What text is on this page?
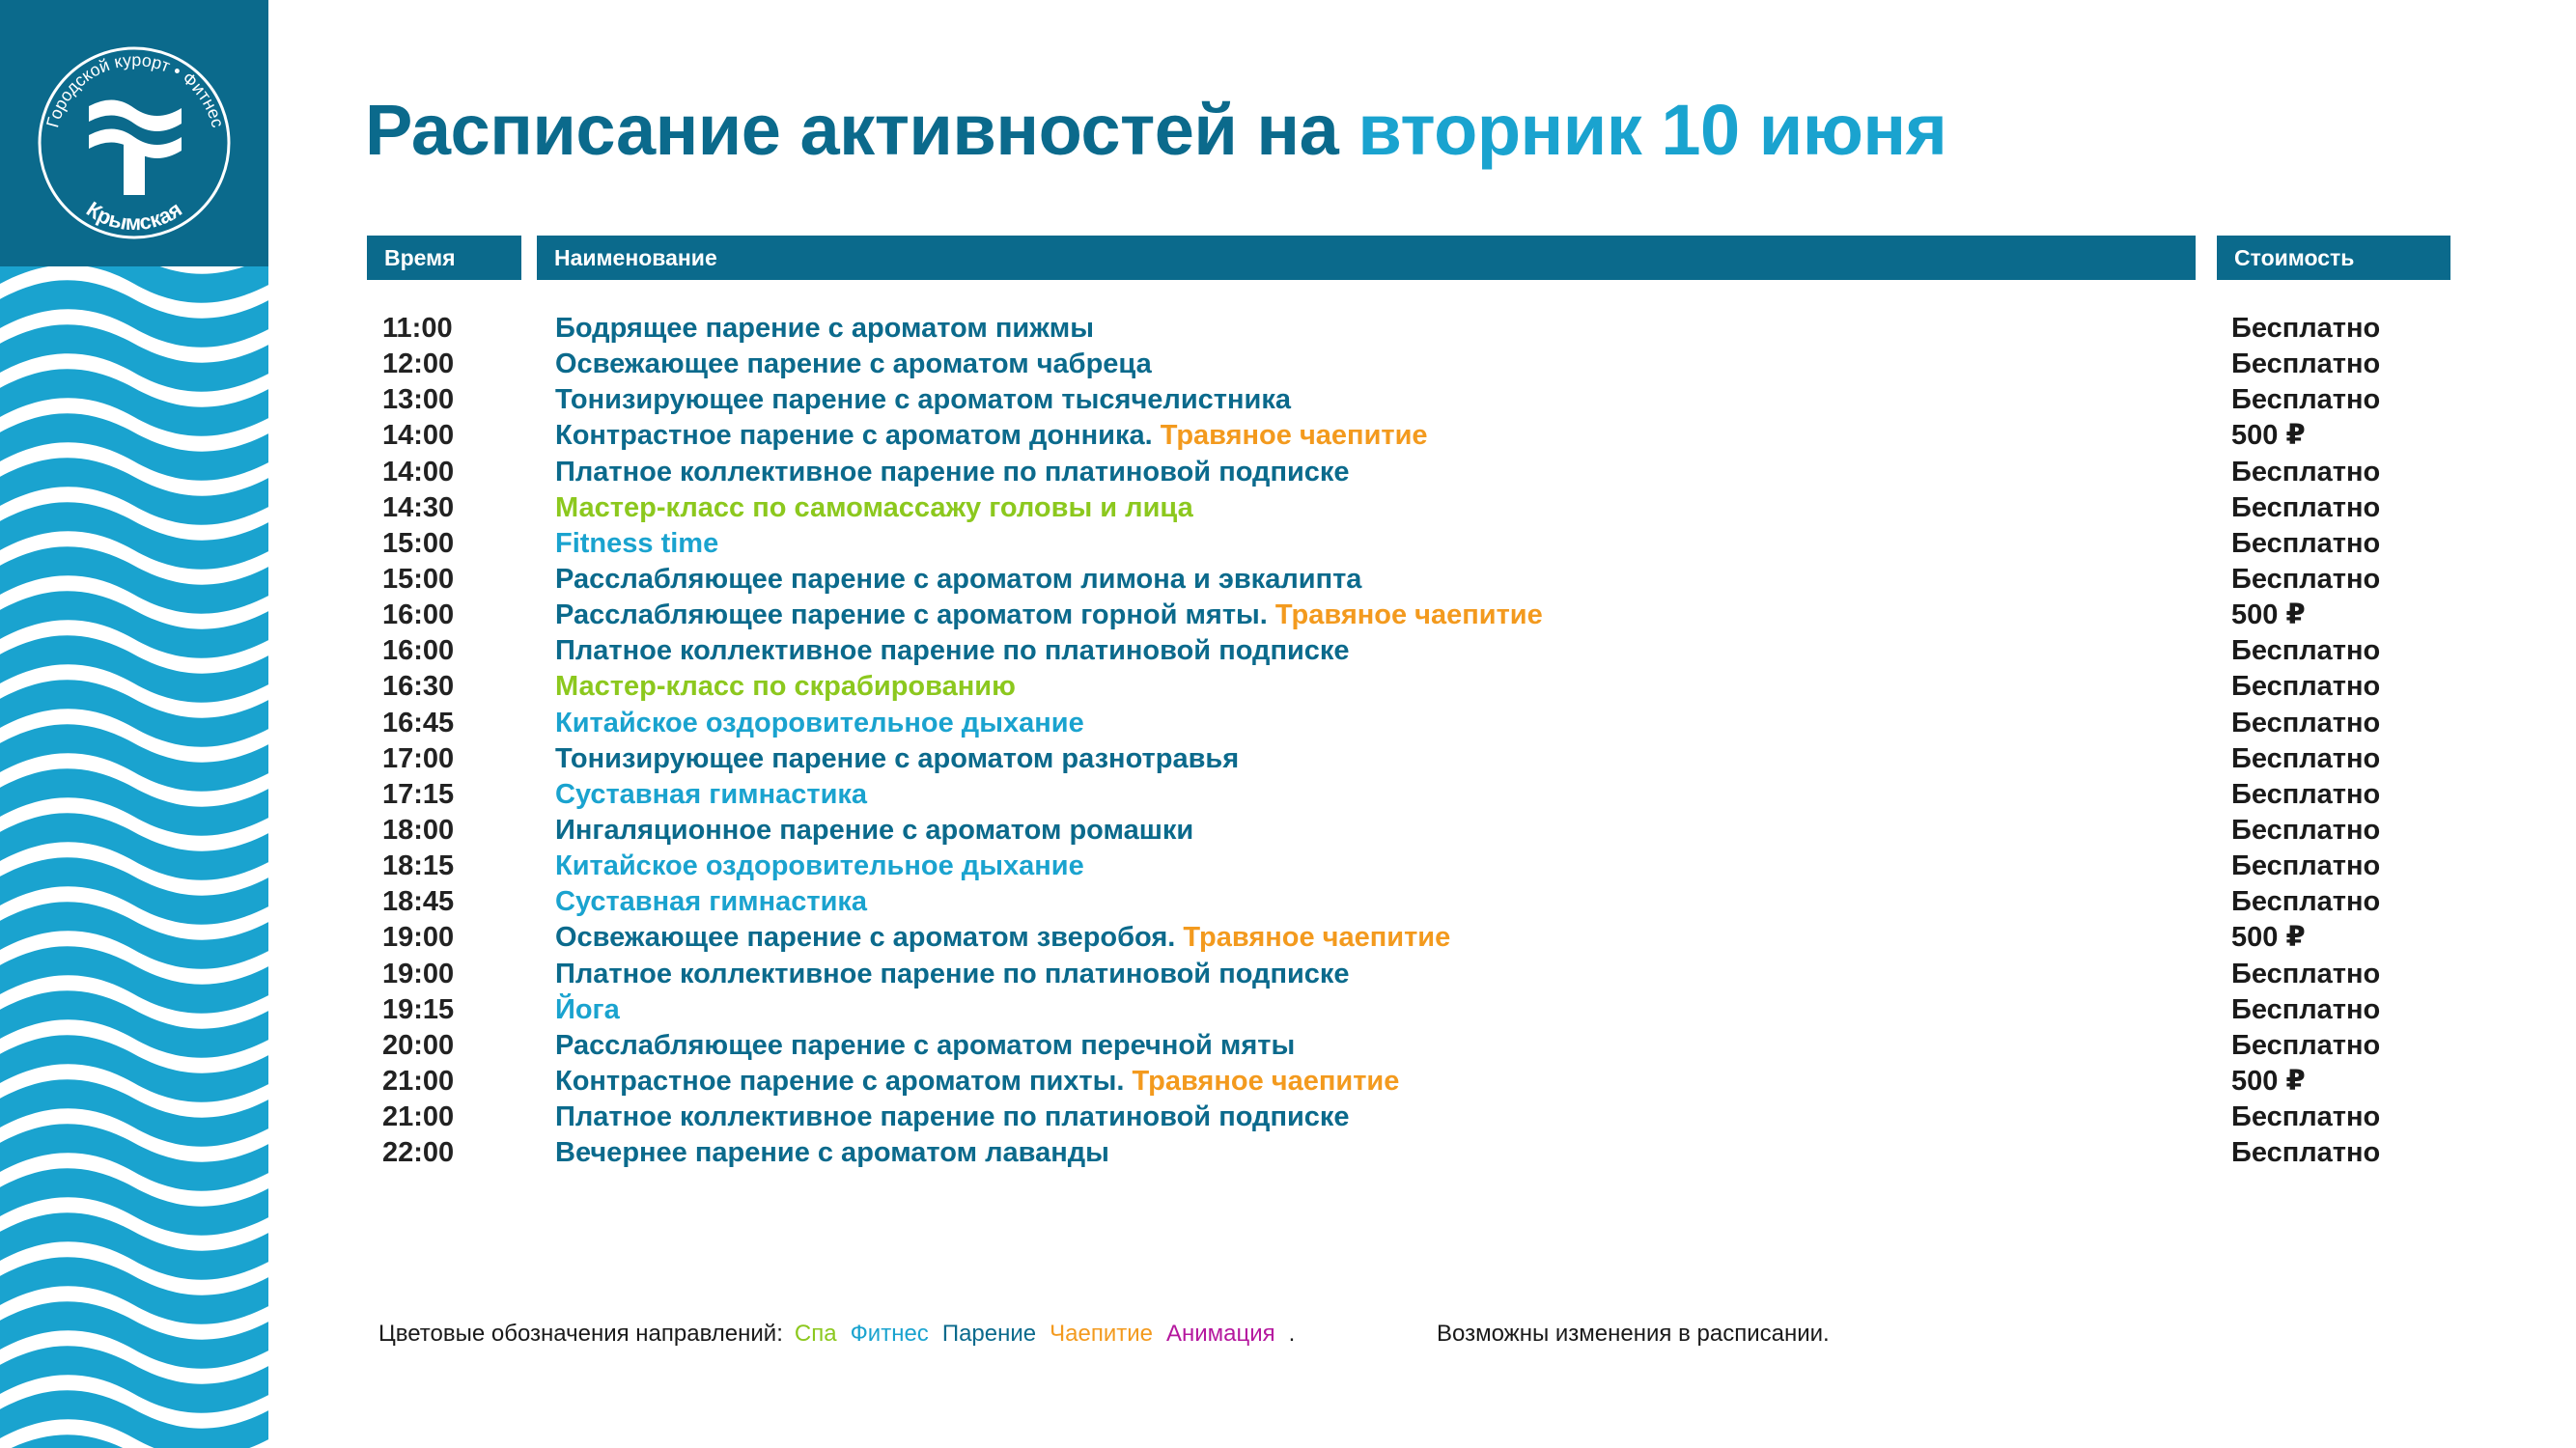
Городской курорт • Фитнес
Крымская
Расписание активностей на вторник 10 июня
Время	Наименование	Стоимость
11:00	Бодрящее парение с ароматом пижмы	Бесплатно
12:00	Освежающее парение с ароматом чабреца	Бесплатно
13:00	Тонизирующее парение с ароматом тысячелистника	Бесплатно
14:00	Контрастное парение с ароматом донника. Травяное чаепитие	500 ₽
14:00	Платное коллективное парение по платиновой подписке	Бесплатно
14:30	Мастер-класс по самомассажу головы и лица	Бесплатно
15:00	Fitness time	Бесплатно
15:00	Расслабляющее парение с ароматом лимона и эвкалипта	Бесплатно
16:00	Расслабляющее парение с ароматом горной мяты. Травяное чаепитие	500 ₽
16:00	Платное коллективное парение по платиновой подписке	Бесплатно
16:30	Мастер-класс по скрабированию	Бесплатно
16:45	Китайское оздоровительное дыхание	Бесплатно
17:00	Тонизирующее парение с ароматом разнотравья	Бесплатно
17:15	Суставная гимнастика	Бесплатно
18:00	Ингаляционное парение с ароматом ромашки	Бесплатно
18:15	Китайское оздоровительное дыхание	Бесплатно
18:45	Суставная гимнастика	Бесплатно
19:00	Освежающее парение с ароматом зверобоя. Травяное чаепитие	500 ₽
19:00	Платное коллективное парение по платиновой подписке	Бесплатно
19:15	Йога	Бесплатно
20:00	Расслабляющее парение с ароматом перечной мяты	Бесплатно
21:00	Контрастное парение с ароматом пихты. Травяное чаепитие	500 ₽
21:00	Платное коллективное парение по платиновой подписке	Бесплатно
22:00	Вечернее парение с ароматом лаванды	Бесплатно
Цветовые обозначения направлений: Спа Фитнес Парение Чаепитие Анимация .	Возможны изменения в расписании.
